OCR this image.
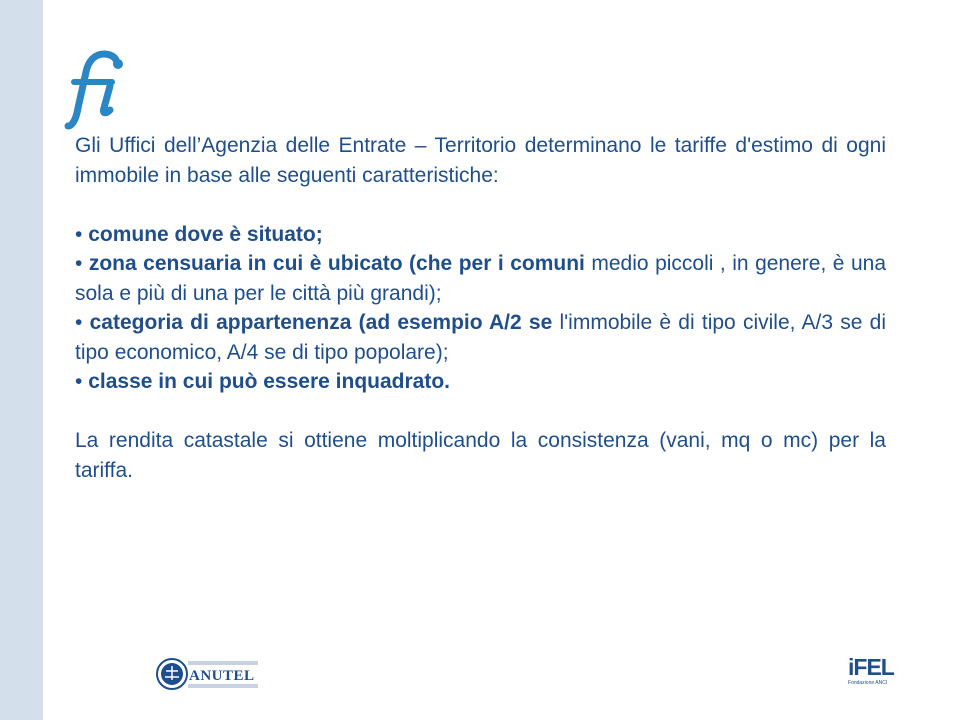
Gli Uffici dell’Agenzia delle Entrate – Territorio determinano le tariffe d'estimo di ogni immobile in base alle seguenti caratteristiche:

• comune dove è situato;

• zona censuaria in cui è ubicato (che per i comuni medio piccoli , in genere, è una sola e più di una per le città più grandi);

• categoria di appartenenza (ad esempio A/2 se l'immobile è di tipo civile, A/3 se di tipo economico, A/4 se di tipo popolare);

• classe in cui può essere inquadrato.

La rendita catastale si ottiene moltiplicando la consistenza (vani, mq o mc) per la tariffa.

ANUTEL	iFEL
Fondazione ANCI
